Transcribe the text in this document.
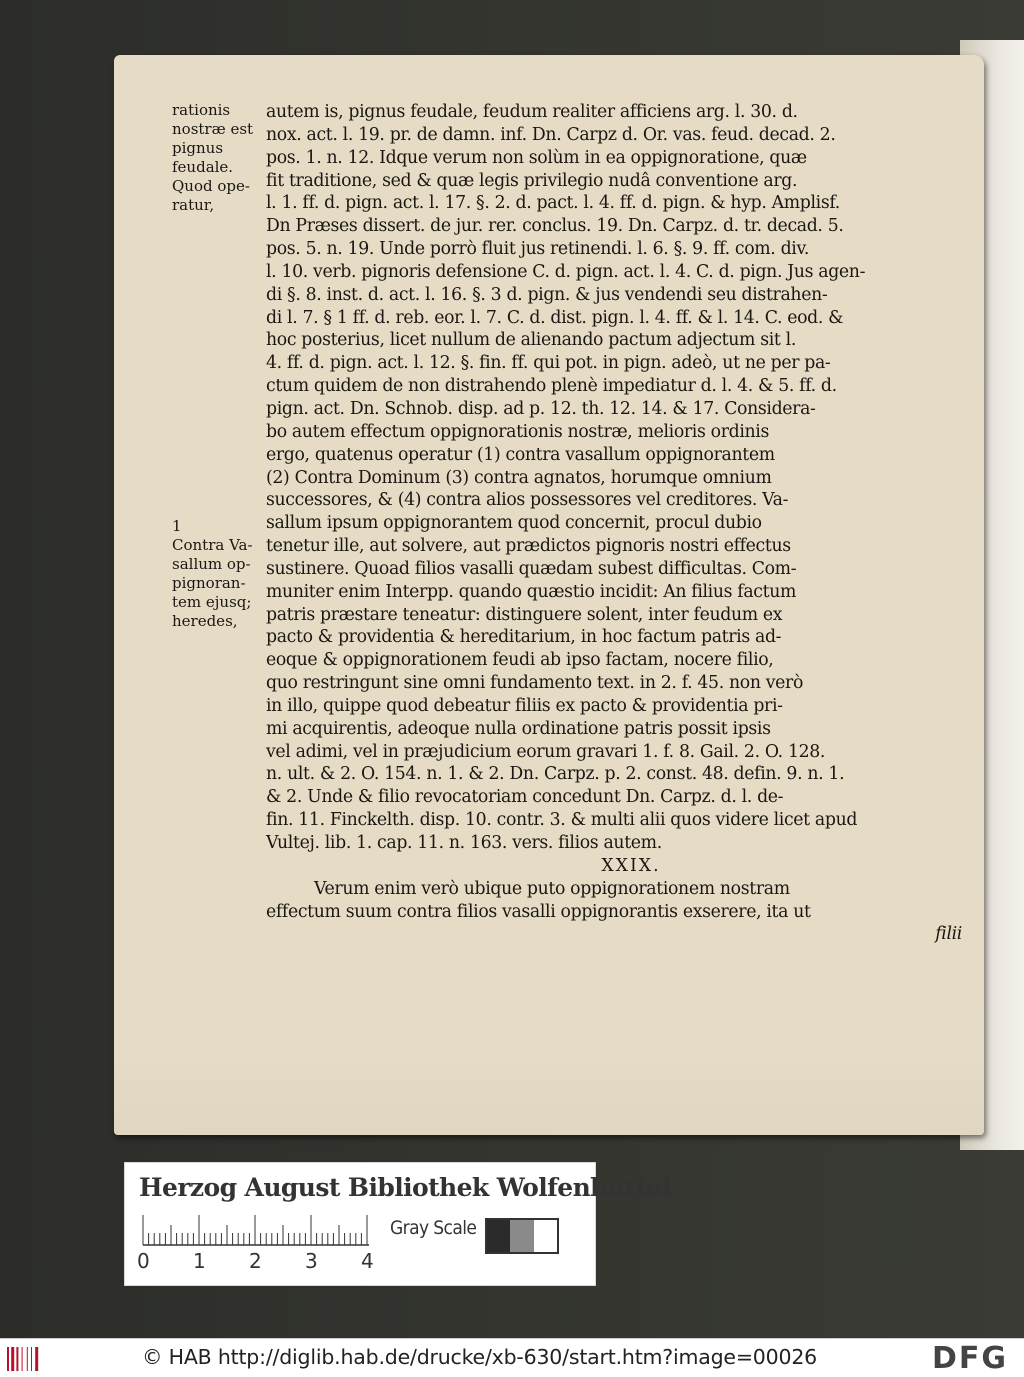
rationis
nostræ est
pignus
feudale.
Quod ope-
ratur,
1
Contra Va-
sallum op-
pignoran-
tem ejusq;
heredes,
autem is, pignus feudale, feudum realiter afficiens arg. l. 30. d.
nox. act. l. 19. pr. de damn. inf. Dn. Carpz d. Or. vas. feud. decad. 2.
pos. 1. n. 12. Idque verum non solùm in ea oppignoratione, quæ
fit traditione, sed & quæ legis privilegio nudâ conventione arg.
l. 1. ff. d. pign. act. l. 17. §. 2. d. pact. l. 4. ff. d. pign. & hyp. Amplisf.
Dn Præses dissert. de jur. rer. conclus. 19. Dn. Carpz. d. tr. decad. 5.
pos. 5. n. 19. Unde porrò fluit jus retinendi. l. 6. §. 9. ff. com. div.
l. 10. verb. pignoris defensione C. d. pign. act. l. 4. C. d. pign. Jus agen-
di §. 8. inst. d. act. l. 16. §. 3 d. pign. & jus vendendi seu distrahen-
di l. 7. § 1 ff. d. reb. eor. l. 7. C. d. dist. pign. l. 4. ff. & l. 14. C. eod. &
hoc posterius, licet nullum de alienando pactum adjectum sit l.
4. ff. d. pign. act. l. 12. §. fin. ff. qui pot. in pign. adeò, ut ne per pa-
ctum quidem de non distrahendo plenè impediatur d. l. 4. & 5. ff. d.
pign. act. Dn. Schnob. disp. ad p. 12. th. 12. 14. & 17. Considera-
bo autem effectum oppignorationis nostræ, melioris ordinis
ergo, quatenus operatur (1) contra vasallum oppignorantem
(2) Contra Dominum (3) contra agnatos, horumque omnium
successores, & (4) contra alios possessores vel creditores. Va-
sallum ipsum oppignorantem quod concernit, procul dubio
tenetur ille, aut solvere, aut prædictos pignoris nostri effectus
sustinere. Quoad filios vasalli quædam subest difficultas. Com-
muniter enim Interpp. quando quæstio incidit: An filius factum
patris præstare teneatur: distinguere solent, inter feudum ex
pacto & providentia & hereditarium, in hoc factum patris ad-
eoque & oppignorationem feudi ab ipso factam, nocere filio,
quo restringunt sine omni fundamento text. in 2. f. 45. non verò
in illo, quippe quod debeatur filiis ex pacto & providentia pri-
mi acquirentis, adeoque nulla ordinatione patris possit ipsis
vel adimi, vel in præjudicium eorum gravari 1. f. 8. Gail. 2. O. 128.
n. ult. & 2. O. 154. n. 1. & 2. Dn. Carpz. p. 2. const. 48. defin. 9. n. 1.
& 2. Unde & filio revocatoriam concedunt Dn. Carpz. d. l. de-
fin. 11. Finckelth. disp. 10. contr. 3. & multi alii quos videre licet apud
Vultej. lib. 1. cap. 11. n. 163. vers. filios autem.
XXIX.
Verum enim verò ubique puto oppignorationem nostram
effectum suum contra filios vasalli oppignorantis exserere, ita ut
filii
Herzog August Bibliothek Wolfenbüttel
0 1 2 3 4
Gray Scale
© HAB http://diglib.hab.de/drucke/xb-630/start.htm?image=00026	DFG
